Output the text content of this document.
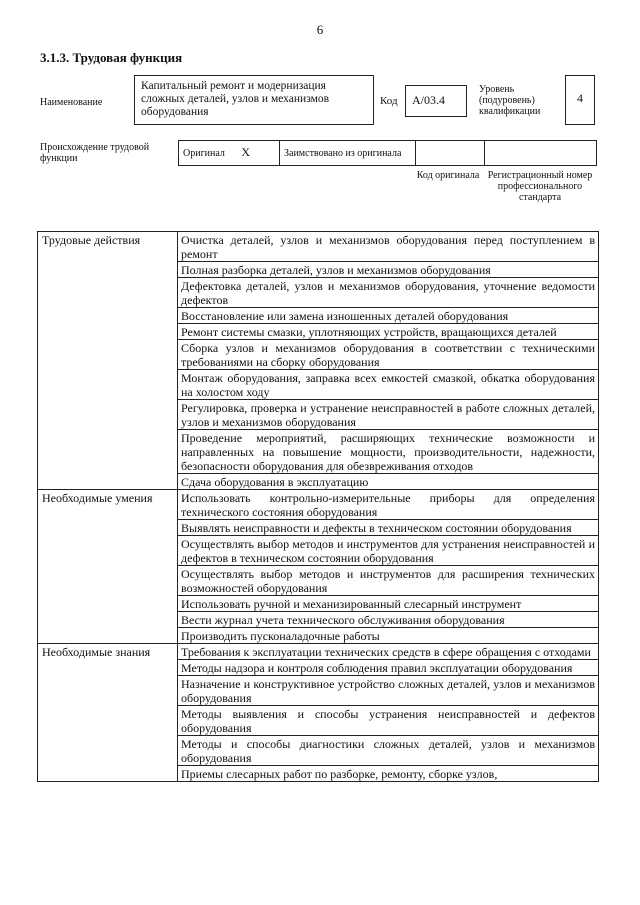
6
3.1.3. Трудовая функция
Наименование
Капитальный ремонт и модернизация сложных деталей, узлов и механизмов оборудования
Код	A/03.4
Уровень (подуровень) квалификации
4
Происхождение трудовой функции	Оригинал X	Заимствовано из оригинала		
Код оригинала Регистрационный номер профессионального стандарта
Трудовые действия	Очистка деталей, узлов и механизмов оборудования перед поступлением в ремонт
	Полная разборка деталей, узлов и механизмов оборудования
	Дефектовка деталей, узлов и механизмов оборудования, уточнение ведомости дефектов
	Восстановление или замена изношенных деталей оборудования
	Ремонт системы смазки, уплотняющих устройств, вращающихся деталей
	Сборка узлов и механизмов оборудования в соответствии с техническими требованиями на сборку оборудования
	Монтаж оборудования, заправка всех емкостей смазкой, обкатка оборудования на холостом ходу
	Регулировка, проверка и устранение неисправностей в работе сложных деталей, узлов и механизмов оборудования
	Проведение мероприятий, расширяющих технические возможности и направленных на повышение мощности, производительности, надежности, безопасности оборудования для обезвреживания отходов
	Сдача оборудования в эксплуатацию
Необходимые умения	Использовать контрольно-измерительные приборы для определения технического состояния оборудования
	Выявлять неисправности и дефекты в техническом состоянии оборудования
	Осуществлять выбор методов и инструментов для устранения неисправностей и дефектов в техническом состоянии оборудования
	Осуществлять выбор методов и инструментов для расширения технических возможностей оборудования
	Использовать ручной и механизированный слесарный инструмент
	Вести журнал учета технического обслуживания оборудования
	Производить пусконаладочные работы
Необходимые знания	Требования к эксплуатации технических средств в сфере обращения с отходами
	Методы надзора и контроля соблюдения правил эксплуатации оборудования
	Назначение и конструктивное устройство сложных деталей, узлов и механизмов оборудования
	Методы выявления и способы устранения неисправностей и дефектов оборудования
	Методы и способы диагностики сложных деталей, узлов и механизмов оборудования
	Приемы слесарных работ по разборке, ремонту, сборке узлов,
